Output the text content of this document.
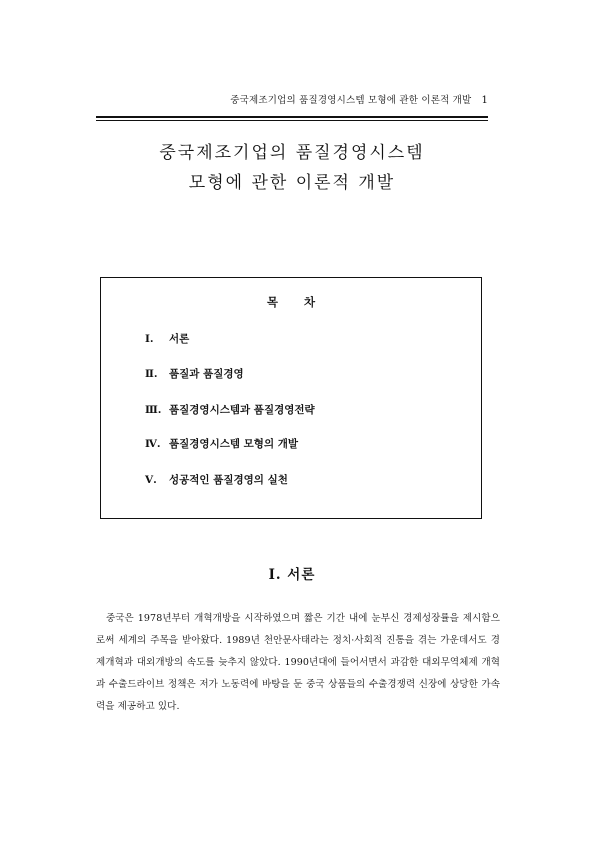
중국제조기업의 품질경영시스템 모형에 관한 이론적 개발 1
중국제조기업의 품질경영시스템
모형에 관한 이론적 개발
목차
Ⅰ.	서론
Ⅱ.	품질과 품질경영
Ⅲ. 품질경영시스템과 품질경영전략
Ⅳ. 품질경영시스템 모형의 개발
Ⅴ.	성공적인 품질경영의 실천
Ⅰ. 서론

중국은 1978년부터 개혁개방을 시작하였으며 짧은 기간 내에 눈부신 경제성장률을 제시함으로써 세계의 주목을 받아왔다. 1989년 천안문사태라는 정치·사회적 진통을 겪는 가운데서도 경제개혁과 대외개방의 속도를 늦추지 않았다. 1990년대에 들어서면서 과감한 대외무역체제 개혁과 수출드라이브 정책은 저가 노동력에 바탕을 둔 중국 상품들의 수출경쟁력 신장에 상당한 가속력을 제공하고 있다.
